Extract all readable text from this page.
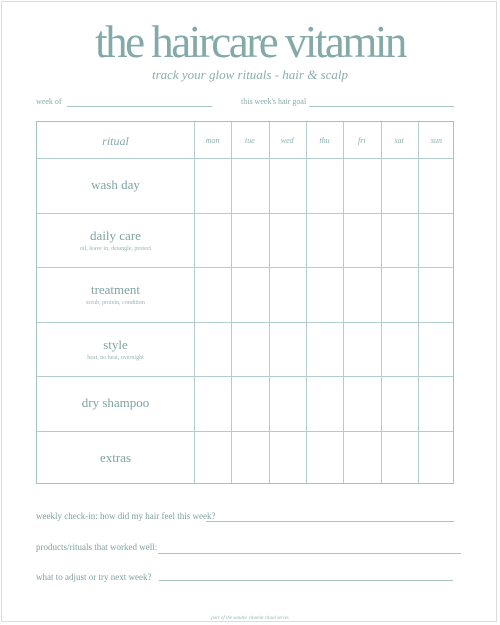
the haircare vitamin
track your glow rituals - hair & scalp
week of	this week's hair goal
ritual	mon	tue	wed	thu	fri	sat	sun
wash day
daily care
oil, leave in, detangle, protect
treatment
scrub, protein, condition
style
heat, no heat, overnight
dry shampoo
extras
weekly check-in: how did my hair feel this week?
products/rituals that worked well:
what to adjust or try next week?
part of the sundee vitamin ritual series
